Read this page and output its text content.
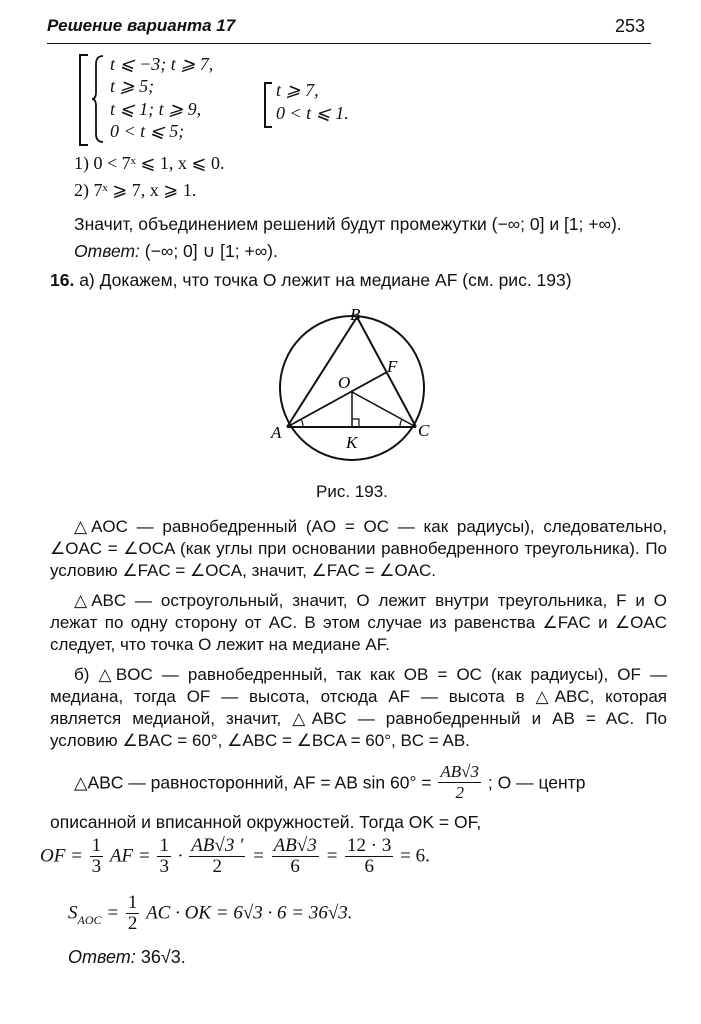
Решение варианта 17	253
t ⩽ −3; t ⩾ 7,
t ⩾ 5;
t ⩽ 1; t ⩾ 9,
0 < t ⩽ 5;
t ⩾ 7,
0 < t ⩽ 1.
1) 0 < 7ˣ ⩽ 1, x ⩽ 0.
2) 7ˣ ⩾ 7, x ⩾ 1.
Значит, объединением решений будут промежутки (−∞; 0] и [1; +∞).
Ответ: (−∞; 0] ∪ [1; +∞).
16. а) Докажем, что точка O лежит на медиане AF (см. рис. 193)
B
O
F
A	C
K
Рис. 193.
△AOC — равнобедренный (AO = OC — как радиусы), следовательно, ∠OAC = ∠OCA (как углы при основании равнобедренного треугольника). По условию ∠FAC = ∠OCA, значит, ∠FAC = ∠OAC.
△ABC — остроугольный, значит, O лежит внутри треугольника, F и O лежат по одну сторону от AC. В этом случае из равенства ∠FAC и ∠OAC следует, что точка O лежит на медиане AF.
б) △BOC — равнобедренный, так как OB = OC (как радиусы), OF — медиана, тогда OF — высота, отсюда AF — высота в △ABC, которая является медианой, значит, △ABC — равнобедренный и AB = AC. По условию ∠BAC = 60°, ∠ABC = ∠BCA = 60°, BC = AB.
△ABC — равносторонний, AF = AB $\sin 60^\circ = \frac{AB√3}{2}$ ; O — центр
описанной и вписанной окружностей. Тогда OK = OF,
OF = $\frac{1}{3}$ AF = $\frac{1}{3} \cdot \frac{AB√3 '}{2} = \frac{AB√3}{6} = \frac{12 \cdot 3}{6} = 6$.
$S_{AOC} = \frac{1}{2}$ AC · OK = 6√3 · 6 = 36√3.
Ответ: 36√3.
